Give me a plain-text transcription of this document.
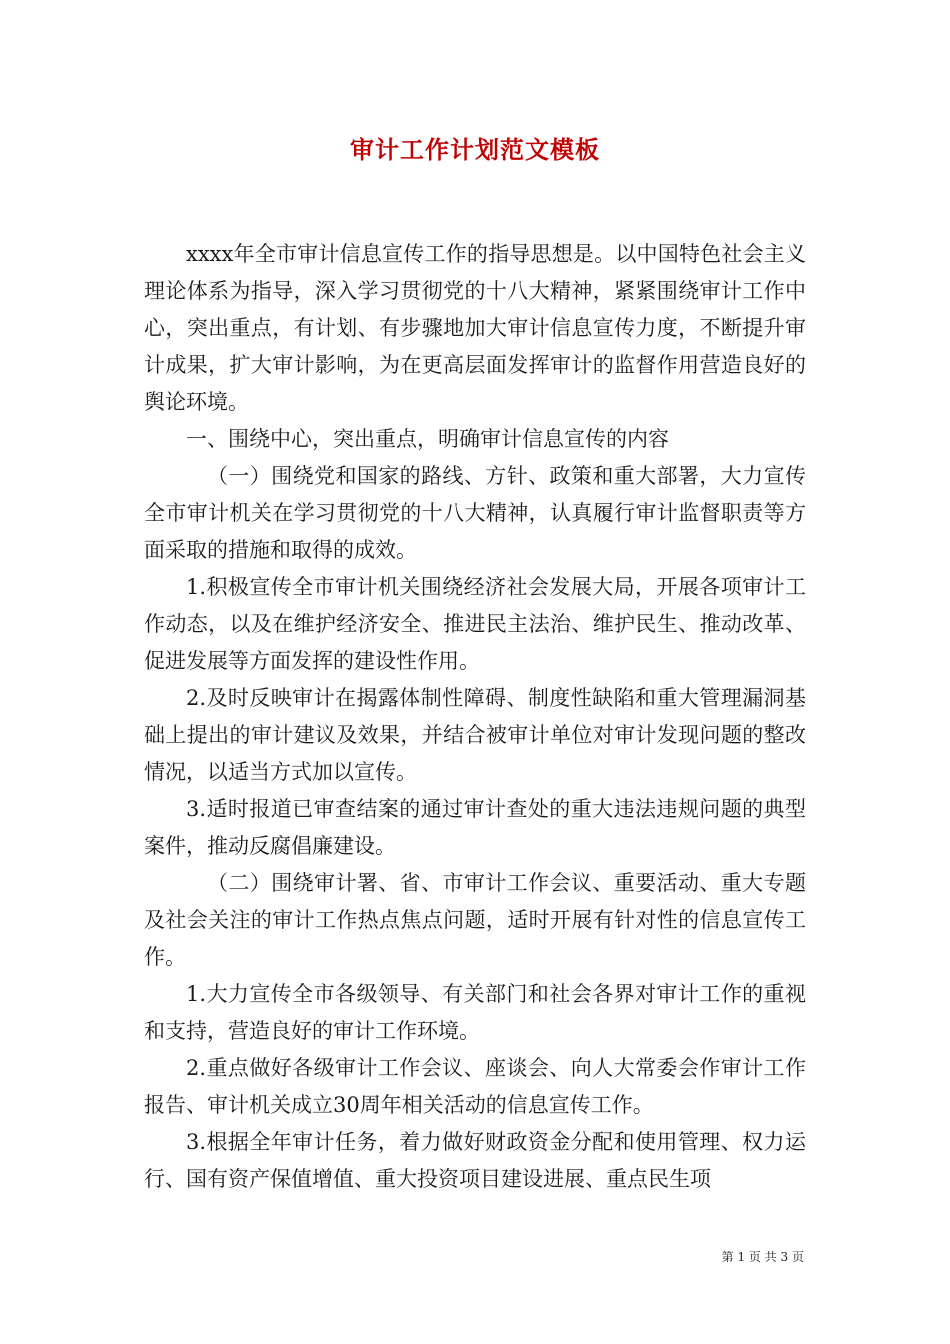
审计工作计划范文模板

xxxx年全市审计信息宣传工作的指导思想是。以中国特色社会主义理论体系为指导，深入学习贯彻党的十八大精神，紧紧围绕审计工作中心，突出重点，有计划、有步骤地加大审计信息宣传力度，不断提升审计成果，扩大审计影响，为在更高层面发挥审计的监督作用营造良好的舆论环境。

一、围绕中心，突出重点，明确审计信息宣传的内容

（一）围绕党和国家的路线、方针、政策和重大部署，大力宣传全市审计机关在学习贯彻党的十八大精神，认真履行审计监督职责等方面采取的措施和取得的成效。

1.积极宣传全市审计机关围绕经济社会发展大局，开展各项审计工作动态，以及在维护经济安全、推进民主法治、维护民生、推动改革、促进发展等方面发挥的建设性作用。

2.及时反映审计在揭露体制性障碍、制度性缺陷和重大管理漏洞基础上提出的审计建议及效果，并结合被审计单位对审计发现问题的整改情况，以适当方式加以宣传。

3.适时报道已审查结案的通过审计查处的重大违法违规问题的典型案件，推动反腐倡廉建设。

（二）围绕审计署、省、市审计工作会议、重要活动、重大专题及社会关注的审计工作热点焦点问题，适时开展有针对性的信息宣传工作。

1.大力宣传全市各级领导、有关部门和社会各界对审计工作的重视和支持，营造良好的审计工作环境。

2.重点做好各级审计工作会议、座谈会、向人大常委会作审计工作报告、审计机关成立30周年相关活动的信息宣传工作。

3.根据全年审计任务，着力做好财政资金分配和使用管理、权力运行、国有资产保值增值、重大投资项目建设进展、重点民生项

第 1 页 共 3 页
